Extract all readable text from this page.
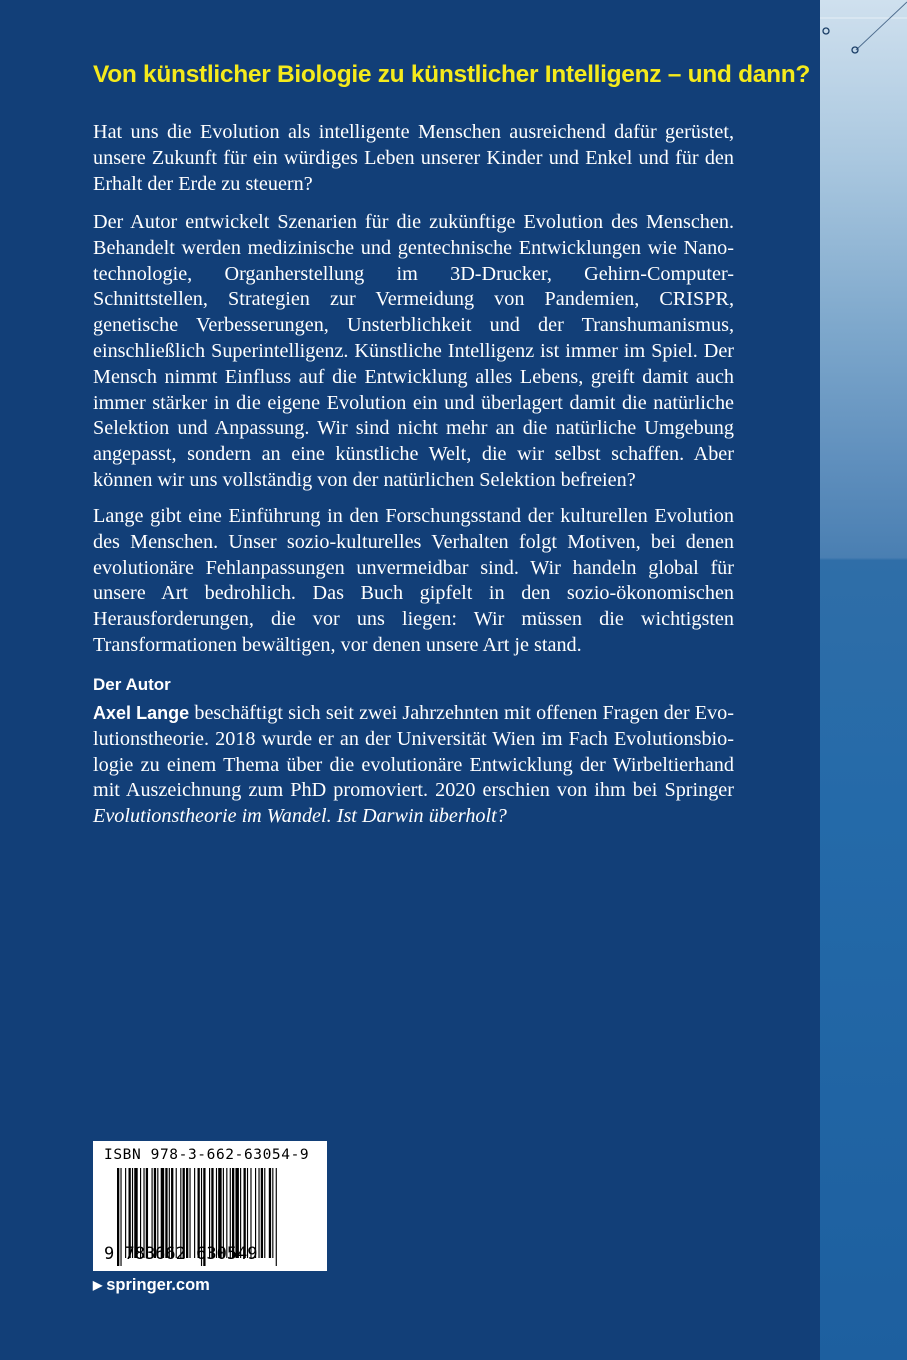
Von künstlicher Biologie zu künstlicher Intelligenz – und dann?

Hat uns die Evolution als intelligente Menschen ausreichend dafür gerüstet, unsere Zukunft für ein würdiges Leben unserer Kinder und Enkel und für den Erhalt der Erde zu steuern?

Der Autor entwickelt Szenarien für die zukünftige Evolution des Menschen. Behandelt werden medizinische und gentechnische Entwicklungen wie Nanotechnologie, Organherstellung im 3D-Drucker, Gehirn-Computer-Schnittstellen, Strategien zur Vermeidung von Pandemien, CRISPR, genetische Verbesserungen, Unsterblichkeit und der Transhumanismus, einschließlich Superintelligenz. Künstliche Intelligenz ist immer im Spiel. Der Mensch nimmt Einfluss auf die Entwicklung alles Lebens, greift damit auch immer stärker in die eigene Evolution ein und überlagert damit die natürliche Selektion und Anpassung. Wir sind nicht mehr an die natürliche Umgebung angepasst, sondern an eine künstliche Welt, die wir selbst schaffen. Aber können wir uns vollständig von der natürlichen Selektion befreien?

Lange gibt eine Einführung in den Forschungsstand der kulturellen Evolution des Menschen. Unser sozio-kulturelles Verhalten folgt Motiven, bei denen evolutionäre Fehlanpassungen unvermeidbar sind. Wir handeln global für unsere Art bedrohlich. Das Buch gipfelt in den sozio-ökonomischen Herausforderungen, die vor uns liegen: Wir müssen die wichtigsten Transformationen bewältigen, vor denen unsere Art je stand.

Der Autor

Axel Lange beschäftigt sich seit zwei Jahrzehnten mit offenen Fragen der Evolutionstheorie. 2018 wurde er an der Universität Wien im Fach Evolutionsbiologie zu einem Thema über die evolutionäre Entwicklung der Wirbeltierhand mit Auszeichnung zum PhD promoviert. 2020 erschien von ihm bei Springer Evolutionstheorie im Wandel. Ist Darwin überholt?

ISBN 978-3-662-63054-9
9 783662 630549
▶ springer.com
